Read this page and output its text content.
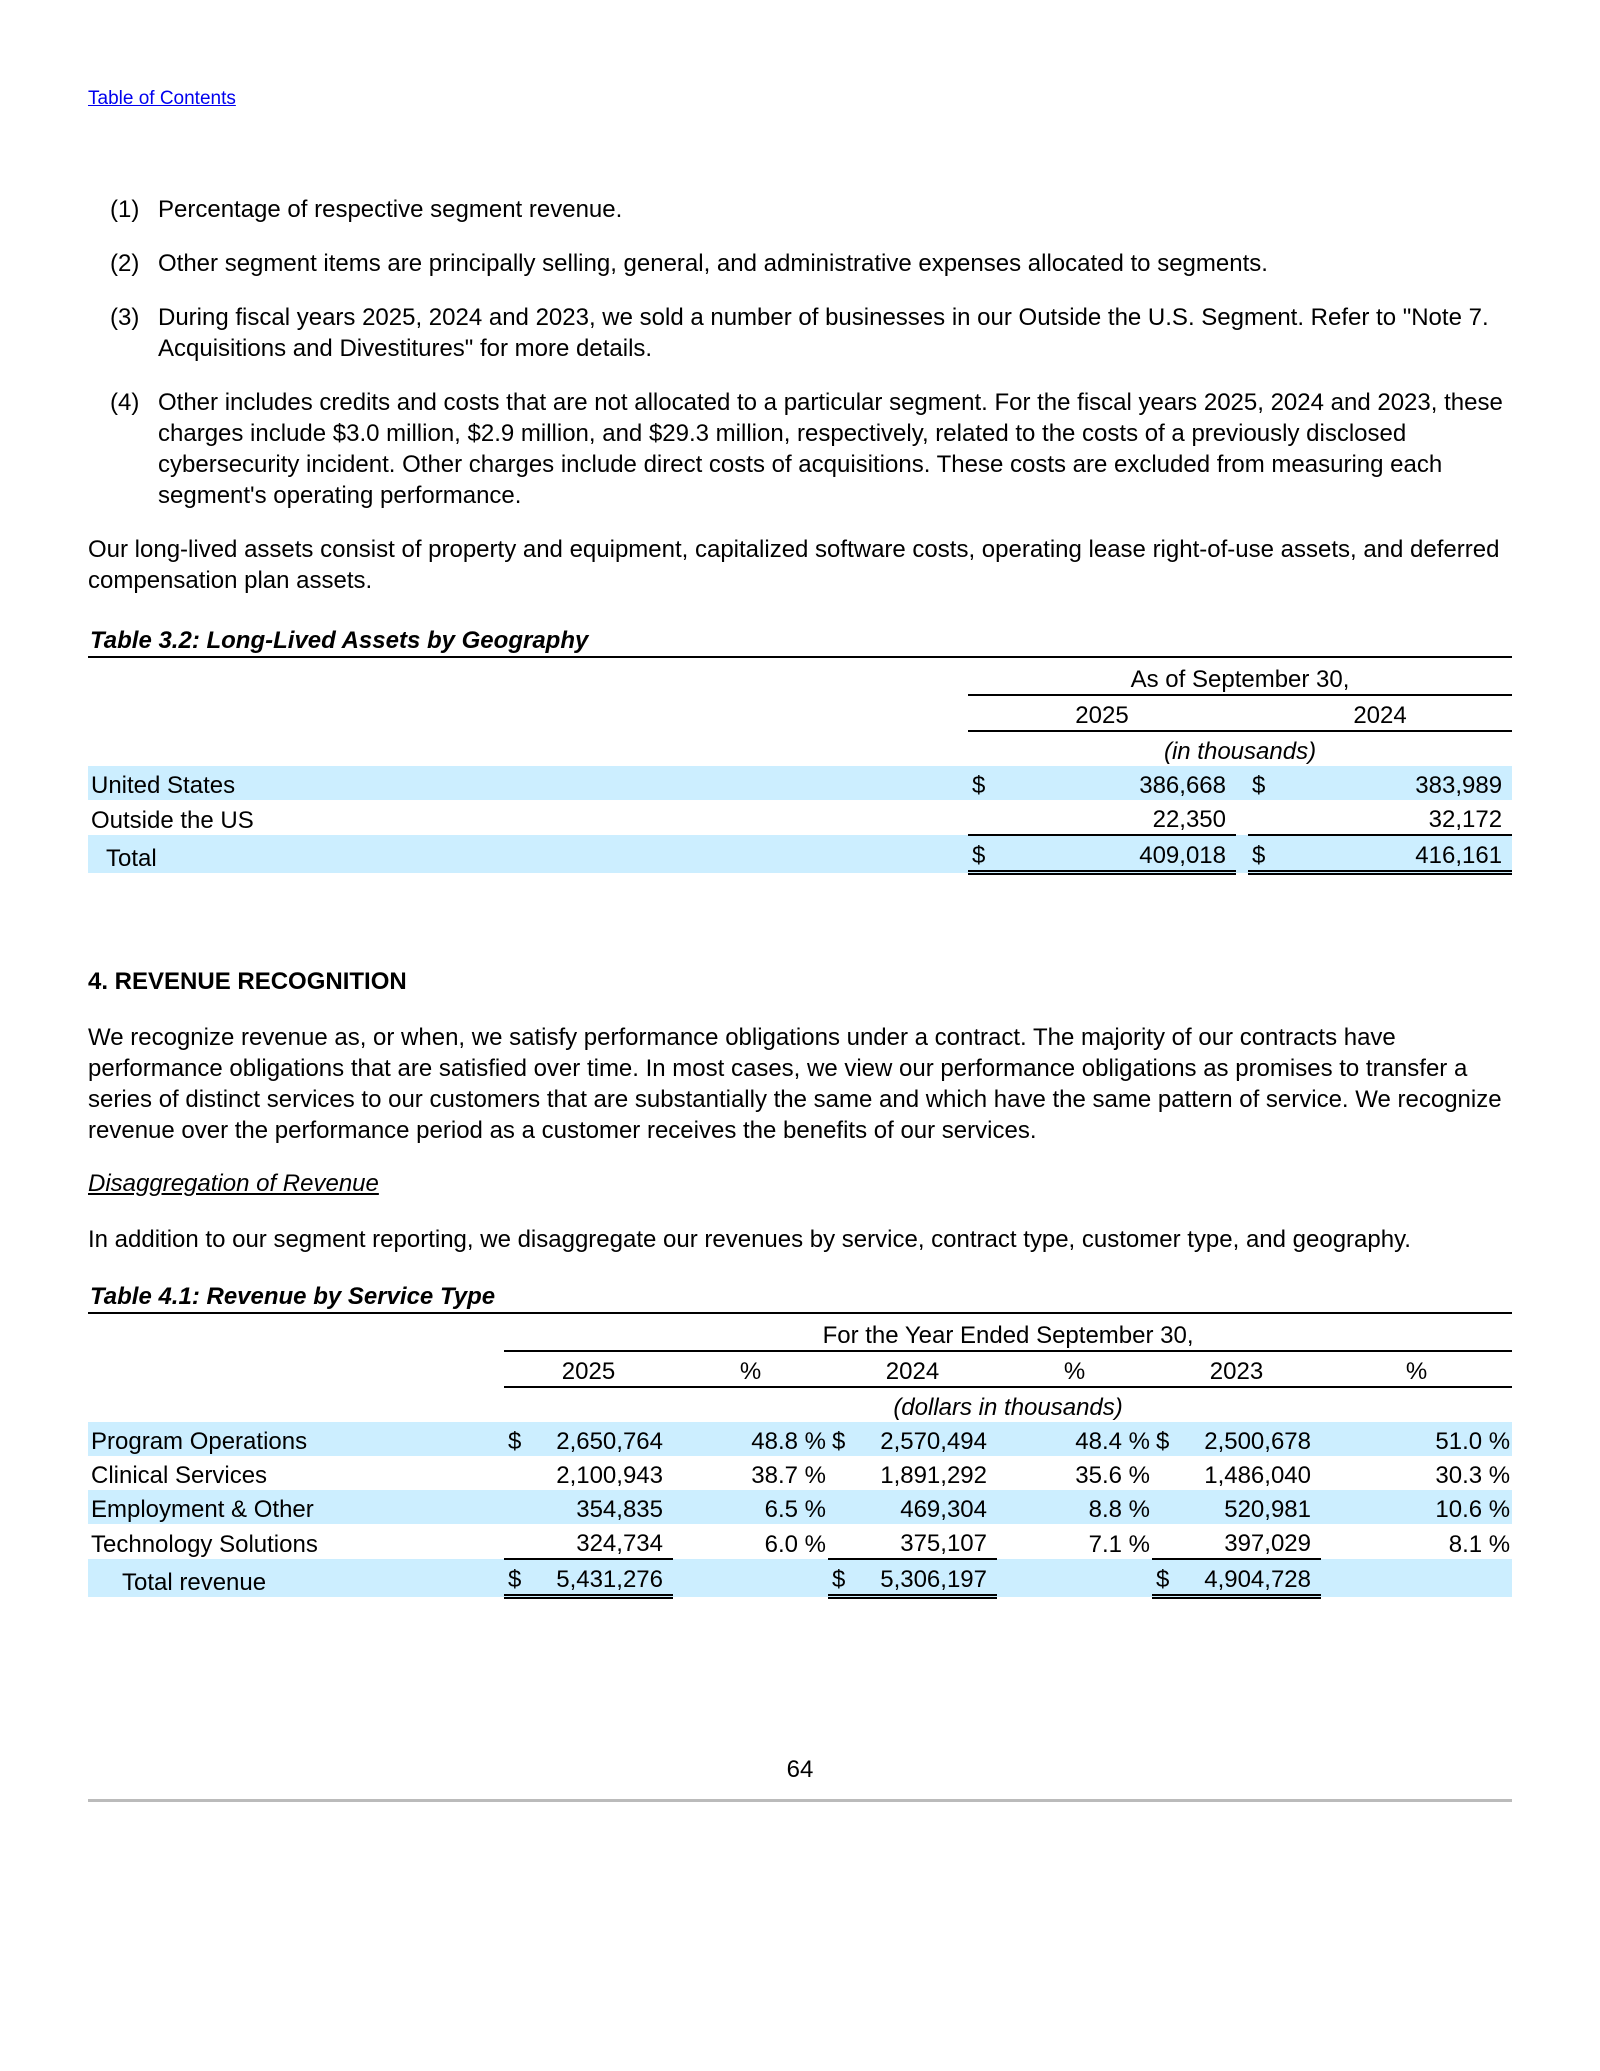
Table of Contents
(1) Percentage of respective segment revenue.
(2) Other segment items are principally selling, general, and administrative expenses allocated to segments.
(3) During fiscal years 2025, 2024 and 2023, we sold a number of businesses in our Outside the U.S. Segment. Refer to "Note 7. Acquisitions and Divestitures" for more details.
(4) Other includes credits and costs that are not allocated to a particular segment. For the fiscal years 2025, 2024 and 2023, these charges include $3.0 million, $2.9 million, and $29.3 million, respectively, related to the costs of a previously disclosed cybersecurity incident. Other charges include direct costs of acquisitions. These costs are excluded from measuring each segment's operating performance.
Our long-lived assets consist of property and equipment, capitalized software costs, operating lease right-of-use assets, and deferred compensation plan assets.
Table 3.2: Long-Lived Assets by Geography
	As of September 30,				
	2025			2024	
	(in thousands)				
United States	$	386,668		$	383,989
Outside the US		22,350			32,172
Total	$	409,018		$	416,161
4. REVENUE RECOGNITION
We recognize revenue as, or when, we satisfy performance obligations under a contract. The majority of our contracts have performance obligations that are satisfied over time. In most cases, we view our performance obligations as promises to transfer a series of distinct services to our customers that are substantially the same and which have the same pattern of service. We recognize revenue over the performance period as a customer receives the benefits of our services.
Disaggregation of Revenue
In addition to our segment reporting, we disaggregate our revenues by service, contract type, customer type, and geography.
Table 4.1: Revenue by Service Type
	For the Year Ended September 30,								
	2025		%	2024		%	2023		%
	(dollars in thousands)								
Program Operations	$	2,650,764	48.8 %	$	2,570,494	48.4 %	$	2,500,678	51.0 %
Clinical Services		2,100,943	38.7 %		1,891,292	35.6 %		1,486,040	30.3 %
Employment & Other		354,835	6.5 %		469,304	8.8 %		520,981	10.6 %
Technology Solutions		324,734	6.0 %		375,107	7.1 %		397,029	8.1 %
Total revenue	$	5,431,276		$	5,306,197		$	4,904,728	
64
